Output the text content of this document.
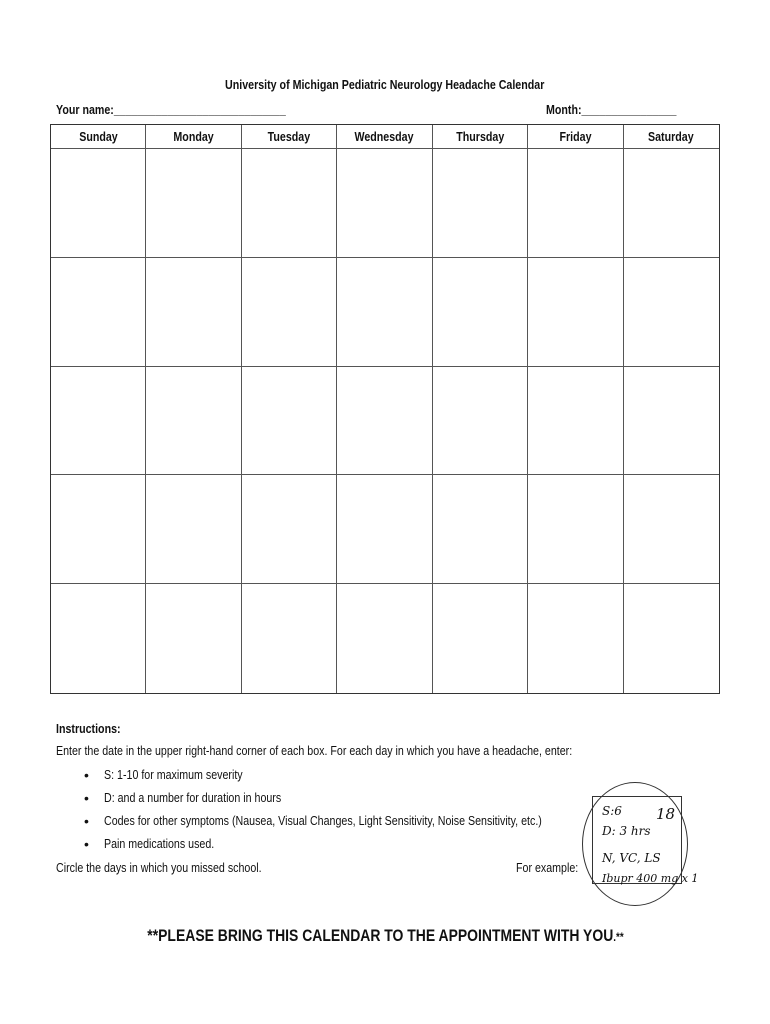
University of Michigan Pediatric Neurology Headache Calendar
Your name:_____________________________	Month:________________
Sunday	Monday	Tuesday	Wednesday	Thursday	Friday	Saturday
Instructions:
Enter the date in the upper right-hand corner of each box. For each day in which you have a headache, enter:
• S: 1-10 for maximum severity
• D: and a number for duration in hours
• Codes for other symptoms (Nausea, Visual Changes, Light Sensitivity, Noise Sensitivity, etc.)
• Pain medications used.
Circle the days in which you missed school.	For example:
S:6 18
D: 3 hrs
N, VC, LS
Ibupr 400 mg x 1
**PLEASE BRING THIS CALENDAR TO THE APPOINTMENT WITH YOU.**
